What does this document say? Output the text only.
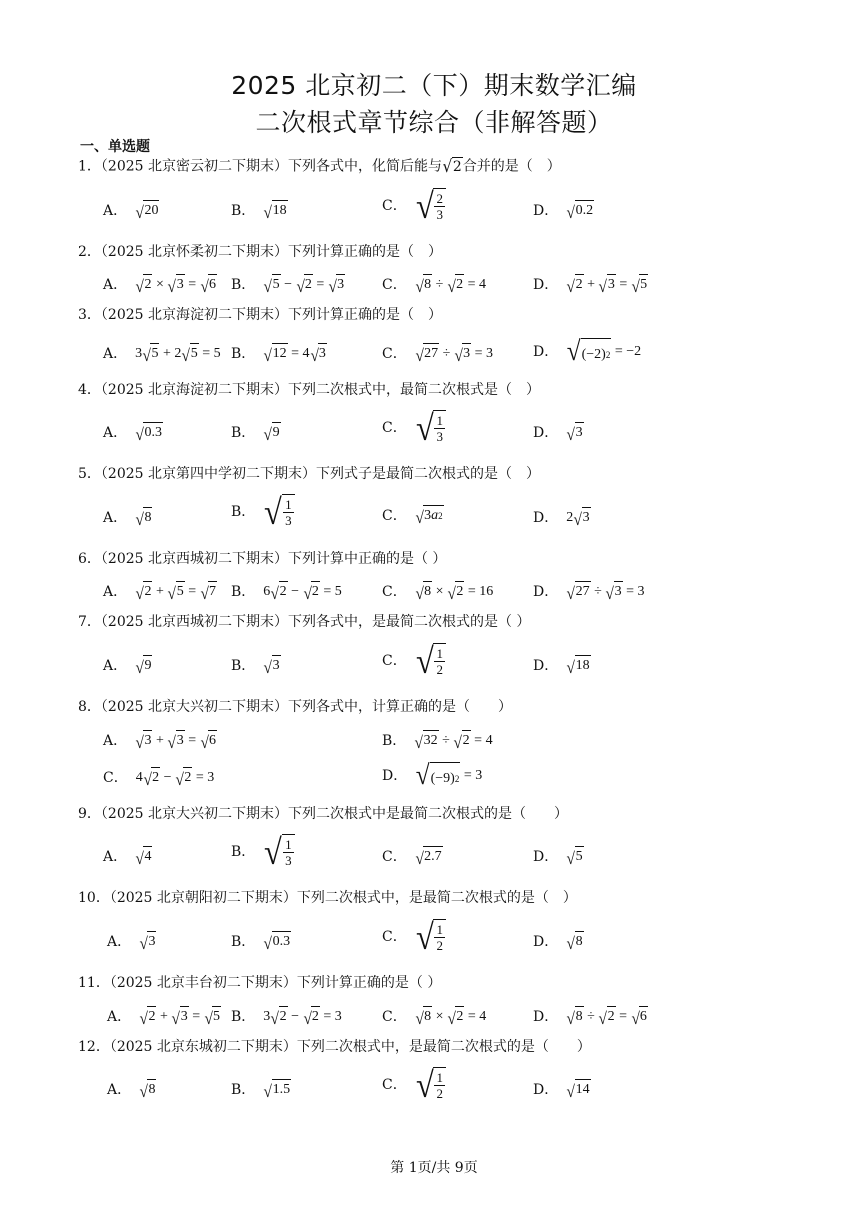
2025 北京初二（下）期末数学汇编
二次根式章节综合（非解答题）
一、单选题
1．（2025 北京密云初二下期末）下列各式中，化简后能与 √ 2 合并的是（　）
A． √ 20	B． √ 18	C． √ $\frac{2}{3}$	D． √ 0.2
2．（2025 北京怀柔初二下期末）下列计算正确的是（　）
A． √ 2 × √ 3 = √ 6 B． √ 5 − √ 2 = √ 3	C． √ 8 ÷ √ 2 = 4	D． √ 2 + √ 3 = √ 5
3．（2025 北京海淀初二下期末）下列计算正确的是（　）
A． 3 √ 5 + 2 √ 5 = 5 B． √ 12 = 4 √ 3	C． √ 27 ÷ √ 3 = 3	D． √ (−2) 2 = −2
4．（2025 北京海淀初二下期末）下列二次根式中，最简二次根式是（　）
A． √ 0.3	B． √ 9	C． √ $\frac{1}{3}$	D． √ 3
5．（2025 北京第四中学初二下期末）下列式子是最简二次根式的是（　）
A． √ 8	B． √ $\frac{1}{3}$	C． √ 3 a 2	D． 2 √ 3
6．（2025 北京西城初二下期末）下列计算中正确的是（ ）
A． √ 2 + √ 5 = √ 7 B． 6 √ 2 − √ 2 = 5	C． √ 8 × √ 2 = 16	D． √ 27 ÷ √ 3 = 3
7．（2025 北京西城初二下期末）下列各式中，是最简二次根式的是（ ）
A． √ 9	B． √ 3	C． √ $\frac{1}{2}$	D． √ 18
8．（2025 北京大兴初二下期末）下列各式中，计算正确的是（　　）
A． √ 3 + √ 3 = √ 6	B． √ 32 ÷ √ 2 = 4
C． 4 √ 2 − √ 2 = 3	D． √ (−9) 2 = 3
9．（2025 北京大兴初二下期末）下列二次根式中是最简二次根式的是（　　）
A． √ 4	B． √ $\frac{1}{3}$	C． √ 2.7	D． √ 5
10．（2025 北京朝阳初二下期末）下列二次根式中，是最简二次根式的是（　）
A． √ 3	B． √ 0.3	C． √ $\frac{1}{2}$	D． √ 8
11．（2025 北京丰台初二下期末）下列计算正确的是（ ）
A． √ 2 + √ 3 = √ 5 B． 3 √ 2 − √ 2 = 3	C． √ 8 × √ 2 = 4	D． √ 8 ÷ √ 2 = √ 6
12．（2025 北京东城初二下期末）下列二次根式中，是最简二次根式的是（　　）
A． √ 8	B． √ 1.5	C． √ $\frac{1}{2}$	D． √ 14
第 1页/共 9页
